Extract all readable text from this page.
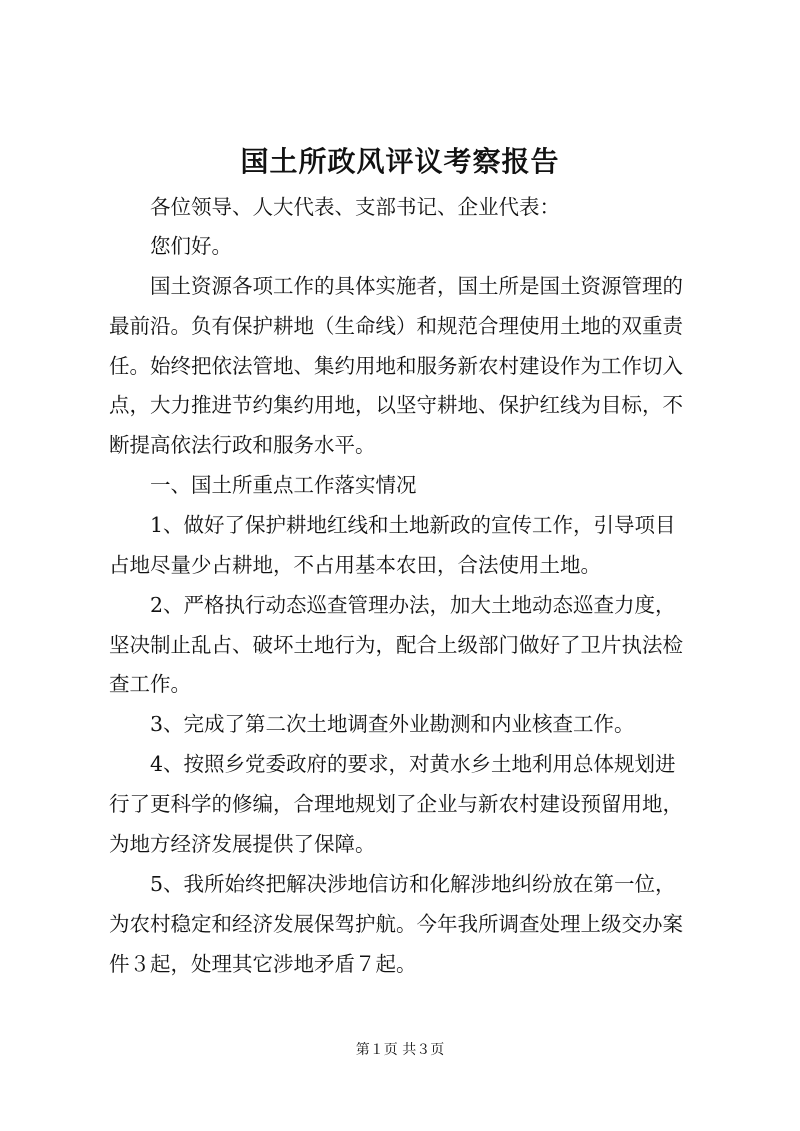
国土所政风评议考察报告
各位领导、人大代表、支部书记、企业代表：
您们好。
国土资源各项工作的具体实施者，国土所是国土资源管理的
最前沿。负有保护耕地（生命线）和规范合理使用土地的双重责
任。始终把依法管地、集约用地和服务新农村建设作为工作切入
点，大力推进节约集约用地，以坚守耕地、保护红线为目标，不
断提高依法行政和服务水平。
一、国土所重点工作落实情况
1、做好了保护耕地红线和土地新政的宣传工作，引导项目
占地尽量少占耕地，不占用基本农田，合法使用土地。
2、严格执行动态巡查管理办法，加大土地动态巡查力度，
坚决制止乱占、破坏土地行为，配合上级部门做好了卫片执法检
查工作。
3、完成了第二次土地调查外业勘测和内业核查工作。
4、按照乡党委政府的要求，对黄水乡土地利用总体规划进
行了更科学的修编，合理地规划了企业与新农村建设预留用地，
为地方经济发展提供了保障。
5、我所始终把解决涉地信访和化解涉地纠纷放在第一位，
为农村稳定和经济发展保驾护航。今年我所调查处理上级交办案
件３起，处理其它涉地矛盾７起。
第１页 共３页
